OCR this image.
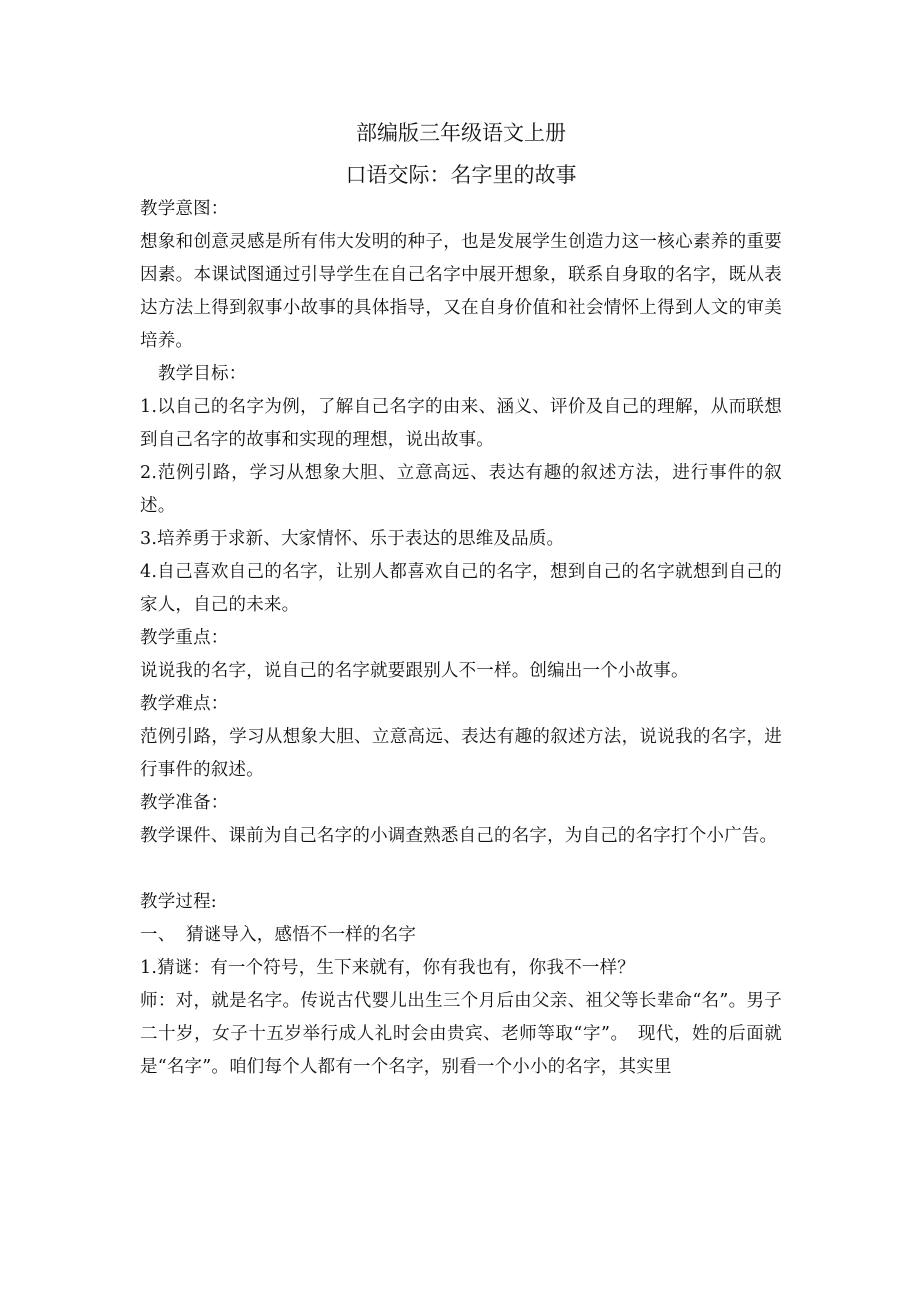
部编版三年级语文上册
口语交际：名字里的故事

教学意图：

想象和创意灵感是所有伟大发明的种子，也是发展学生创造力这一核心素养的重要因素。本课试图通过引导学生在自己名字中展开想象，联系自身取的名字，既从表达方法上得到叙事小故事的具体指导，又在自身价值和社会情怀上得到人文的审美培养。

教学目标：

1.以自己的名字为例，了解自己名字的由来、涵义、评价及自己的理解，从而联想到自己名字的故事和实现的理想，说出故事。

2.范例引路，学习从想象大胆、立意高远、表达有趣的叙述方法，进行事件的叙述。

3.培养勇于求新、大家情怀、乐于表达的思维及品质。

4.自己喜欢自己的名字，让别人都喜欢自己的名字，想到自己的名字就想到自己的家人，自己的未来。

教学重点：

说说我的名字，说自己的名字就要跟别人不一样。创编出一个小故事。

教学难点：

范例引路，学习从想象大胆、立意高远、表达有趣的叙述方法，说说我的名字，进行事件的叙述。

教学准备：

教学课件、课前为自己名字的小调查熟悉自己的名字，为自己的名字打个小广告。

教学过程:

一、 猜谜导入，感悟不一样的名字

1.猜谜：有一个符号，生下来就有，你有我也有，你我不一样？

师：对，就是名字。传说古代婴儿出生三个月后由父亲、祖父等长辈命“名”。男子二十岁，女子十五岁举行成人礼时会由贵宾、老师等取“字”。　现代，姓的后面就是“名字”。咱们每个人都有一个名字，别看一个小小的名字，其实里
